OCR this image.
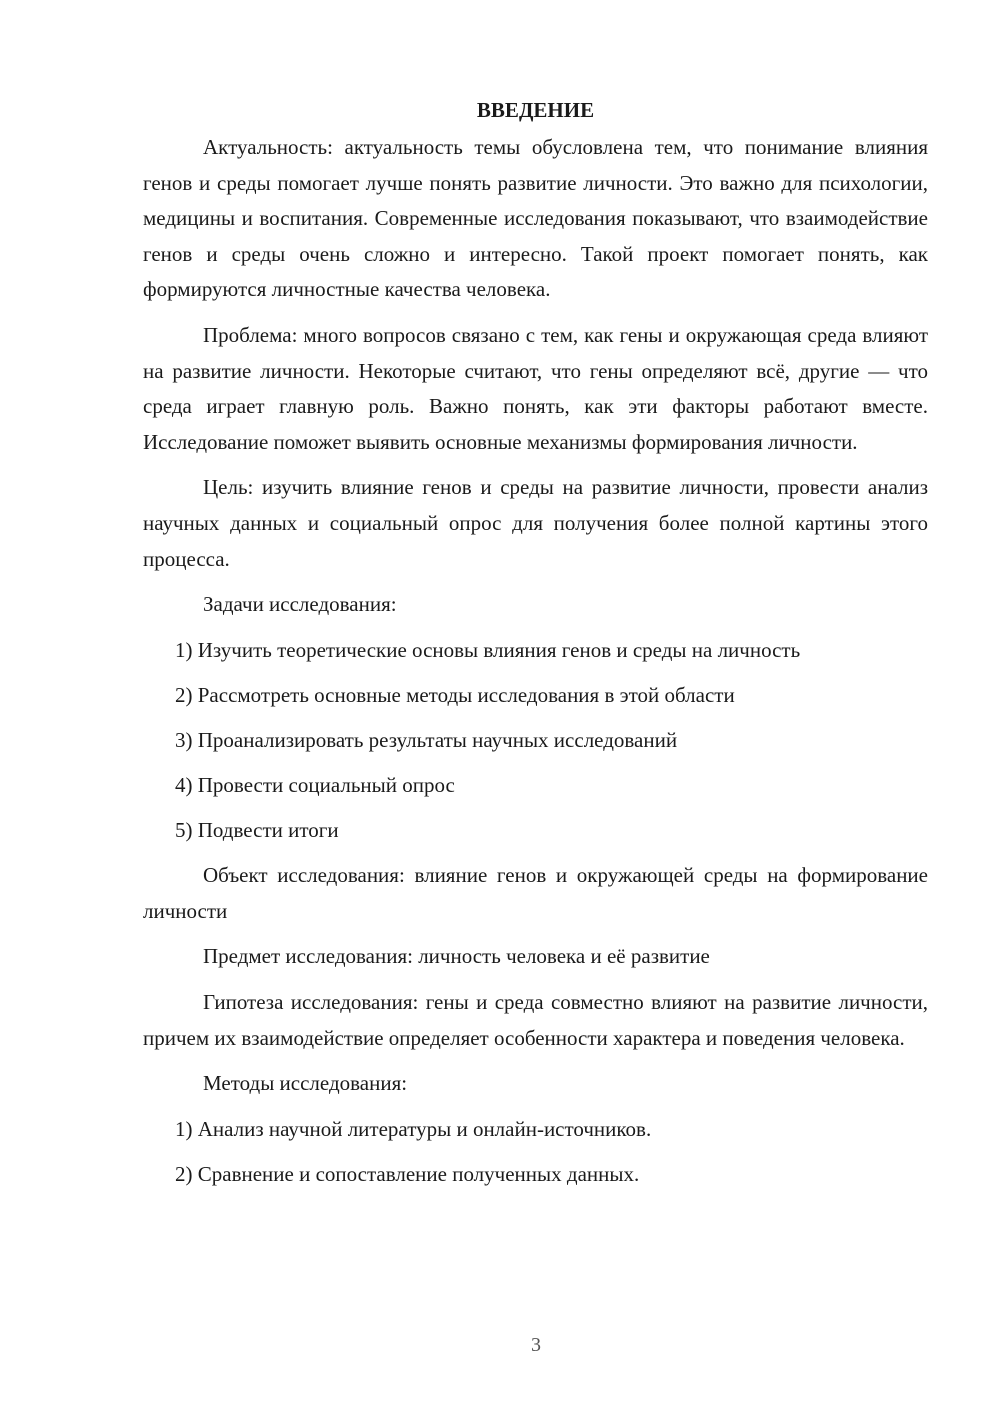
ВВЕДЕНИЕ

Актуальность: актуальность темы обусловлена тем, что понимание влияния генов и среды помогает лучше понять развитие личности. Это важно для психологии, медицины и воспитания. Современные исследования показывают, что взаимодействие генов и среды очень сложно и интересно. Такой проект помогает понять, как формируются личностные качества человека.

Проблема: много вопросов связано с тем, как гены и окружающая среда влияют на развитие личности. Некоторые считают, что гены определяют всё, другие — что среда играет главную роль. Важно понять, как эти факторы работают вместе. Исследование поможет выявить основные механизмы формирования личности.

Цель: изучить влияние генов и среды на развитие личности, провести анализ научных данных и социальный опрос для получения более полной картины этого процесса.

Задачи исследования:

1) Изучить теоретические основы влияния генов и среды на личность
2) Рассмотреть основные методы исследования в этой области
3) Проанализировать результаты научных исследований
4) Провести социальный опрос
5) Подвести итоги

Объект исследования: влияние генов и окружающей среды на формирование личности

Предмет исследования: личность человека и её развитие

Гипотеза исследования: гены и среда совместно влияют на развитие личности, причем их взаимодействие определяет особенности характера и поведения человека.

Методы исследования:

1) Анализ научной литературы и онлайн-источников.
2) Сравнение и сопоставление полученных данных.
3
